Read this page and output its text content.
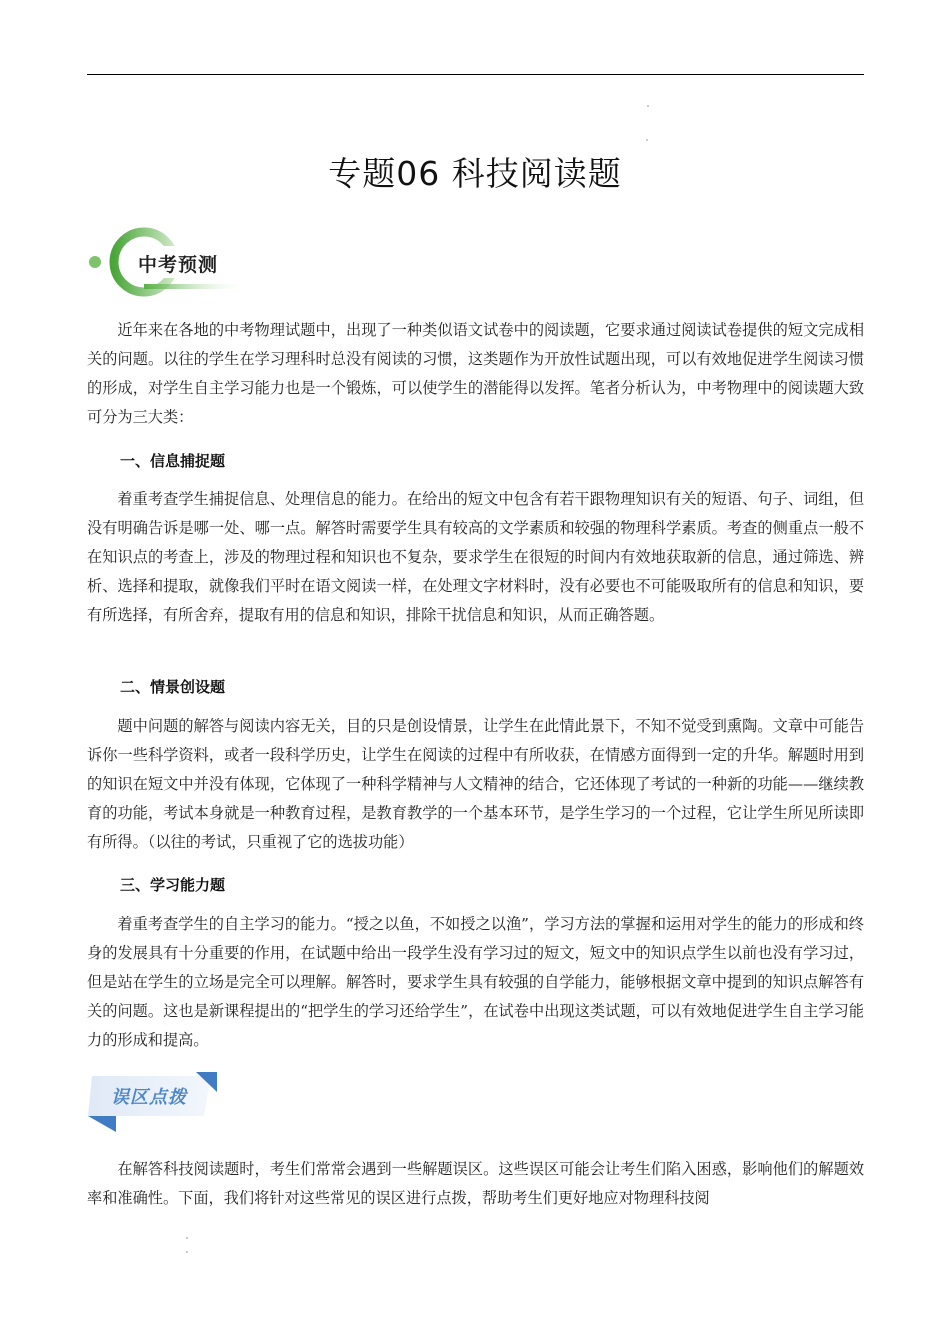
专题06 科技阅读题
中考预测

近年来在各地的中考物理试题中，出现了一种类似语文试卷中的阅读题，它要求通过阅读试卷提供的短文完成相关的问题。以往的学生在学习理科时总没有阅读的习惯，这类题作为开放性试题出现，可以有效地促进学生阅读习惯的形成，对学生自主学习能力也是一个锻炼，可以使学生的潜能得以发挥。笔者分析认为，中考物理中的阅读题大致可分为三大类：

一、信息捕捉题

着重考查学生捕捉信息、处理信息的能力。在给出的短文中包含有若干跟物理知识有关的短语、句子、词组，但没有明确告诉是哪一处、哪一点。解答时需要学生具有较高的文学素质和较强的物理科学素质。考查的侧重点一般不在知识点的考查上，涉及的物理过程和知识也不复杂，要求学生在很短的时间内有效地获取新的信息，通过筛选、辨析、选择和提取，就像我们平时在语文阅读一样，在处理文字材料时，没有必要也不可能吸取所有的信息和知识，要有所选择，有所舍弃，提取有用的信息和知识，排除干扰信息和知识，从而正确答题。

二、情景创设题

题中问题的解答与阅读内容无关，目的只是创设情景，让学生在此情此景下，不知不觉受到熏陶。文章中可能告诉你一些科学资料，或者一段科学历史，让学生在阅读的过程中有所收获，在情感方面得到一定的升华。解题时用到的知识在短文中并没有体现，它体现了一种科学精神与人文精神的结合，它还体现了考试的一种新的功能——继续教育的功能，考试本身就是一种教育过程，是教育教学的一个基本环节，是学生学习的一个过程，它让学生所见所读即有所得。（以往的考试，只重视了它的选拔功能）

三、学习能力题

着重考查学生的自主学习的能力。“授之以鱼，不如授之以渔”，学习方法的掌握和运用对学生的能力的形成和终身的发展具有十分重要的作用，在试题中给出一段学生没有学习过的短文，短文中的知识点学生以前也没有学习过，但是站在学生的立场是完全可以理解。解答时，要求学生具有较强的自学能力，能够根据文章中提到的知识点解答有关的问题。这也是新课程提出的“把学生的学习还给学生”，在试卷中出现这类试题，可以有效地促进学生自主学习能力的形成和提高。

误区点拨

在解答科技阅读题时，考生们常常会遇到一些解题误区。这些误区可能会让考生们陷入困惑，影响他们的解题效率和准确性。下面，我们将针对这些常见的误区进行点拨，帮助考生们更好地应对物理科技阅
